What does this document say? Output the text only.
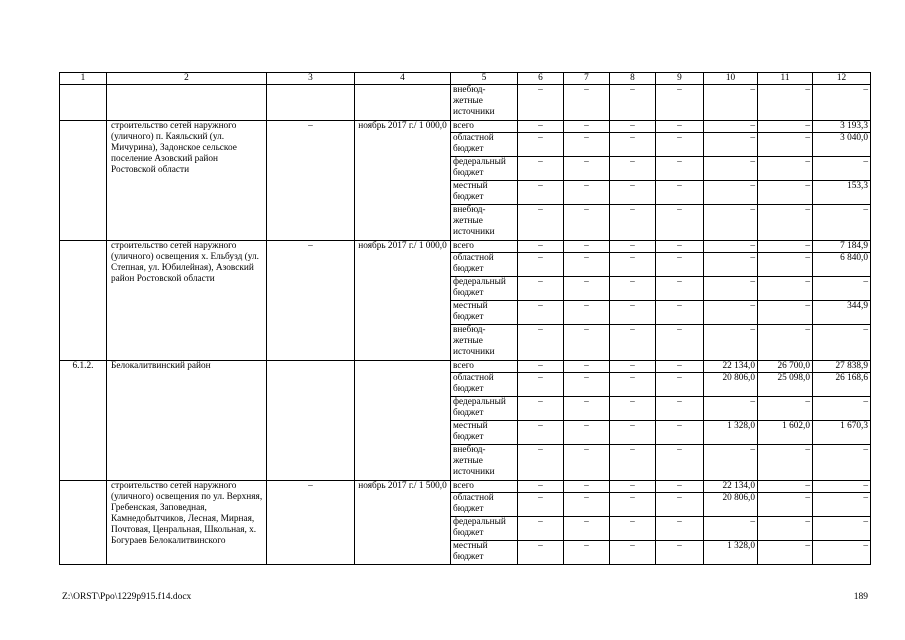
1	2	3	4	5	6	7	8	9	10	11	12
				внебюд-жетные источники	–	–	–	–	–	–	–
	строительство сетей наружного (уличного) п. Каяльский (ул. Мичурина), Задонское сельское поселение Азовский район Ростовской области	–	ноябрь 2017 г./ 1 000,0	всего	–	–	–	–	–	–	3 193,3
				областной бюджет	–	–	–	–	–	–	3 040,0
				федеральный бюджет	–	–	–	–	–	–	–
				местный бюджет	–	–	–	–	–	–	153,3
				внебюд-жетные источники	–	–	–	–	–	–	–
	строительство сетей наружного (уличного) освещения х. Ельбузд (ул. Степная, ул. Юбилейная), Азовский район Ростовской области	–	ноябрь 2017 г./ 1 000,0	всего	–	–	–	–	–	–	7 184,9
				областной бюджет	–	–	–	–	–	–	6 840,0
				федеральный бюджет	–	–	–	–	–	–	–
				местный бюджет	–	–	–	–	–	–	344,9
				внебюд-жетные источники	–	–	–	–	–	–	–
6.1.2.	Белокалитвинский район			всего	–	–	–	–	22 134,0	26 700,0	27 838,9
				областной бюджет	–	–	–	–	20 806,0	25 098,0	26 168,6
				федеральный бюджет	–	–	–	–	–	–	–
				местный бюджет	–	–	–	–	1 328,0	1 602,0	1 670,3
				внебюд-жетные источники	–	–	–	–	–	–	–
	строительство сетей наружного (уличного) освещения по ул. Верхняя, Гребенская, Заповедная, Камнедобытчиков, Лесная, Мирная, Почтовая, Ценральная, Школьная, х. Богураев Белокалитвинского	–	ноябрь 2017 г./ 1 500,0	всего	–	–	–	–	22 134,0	–	–
				областной бюджет	–	–	–	–	20 806,0	–	–
				федеральный бюджет	–	–	–	–	–	–	–
				местный бюджет	–	–	–	–	1 328,0	–	–
Z:\ORST\Ppo\1229p915.f14.docx	189
